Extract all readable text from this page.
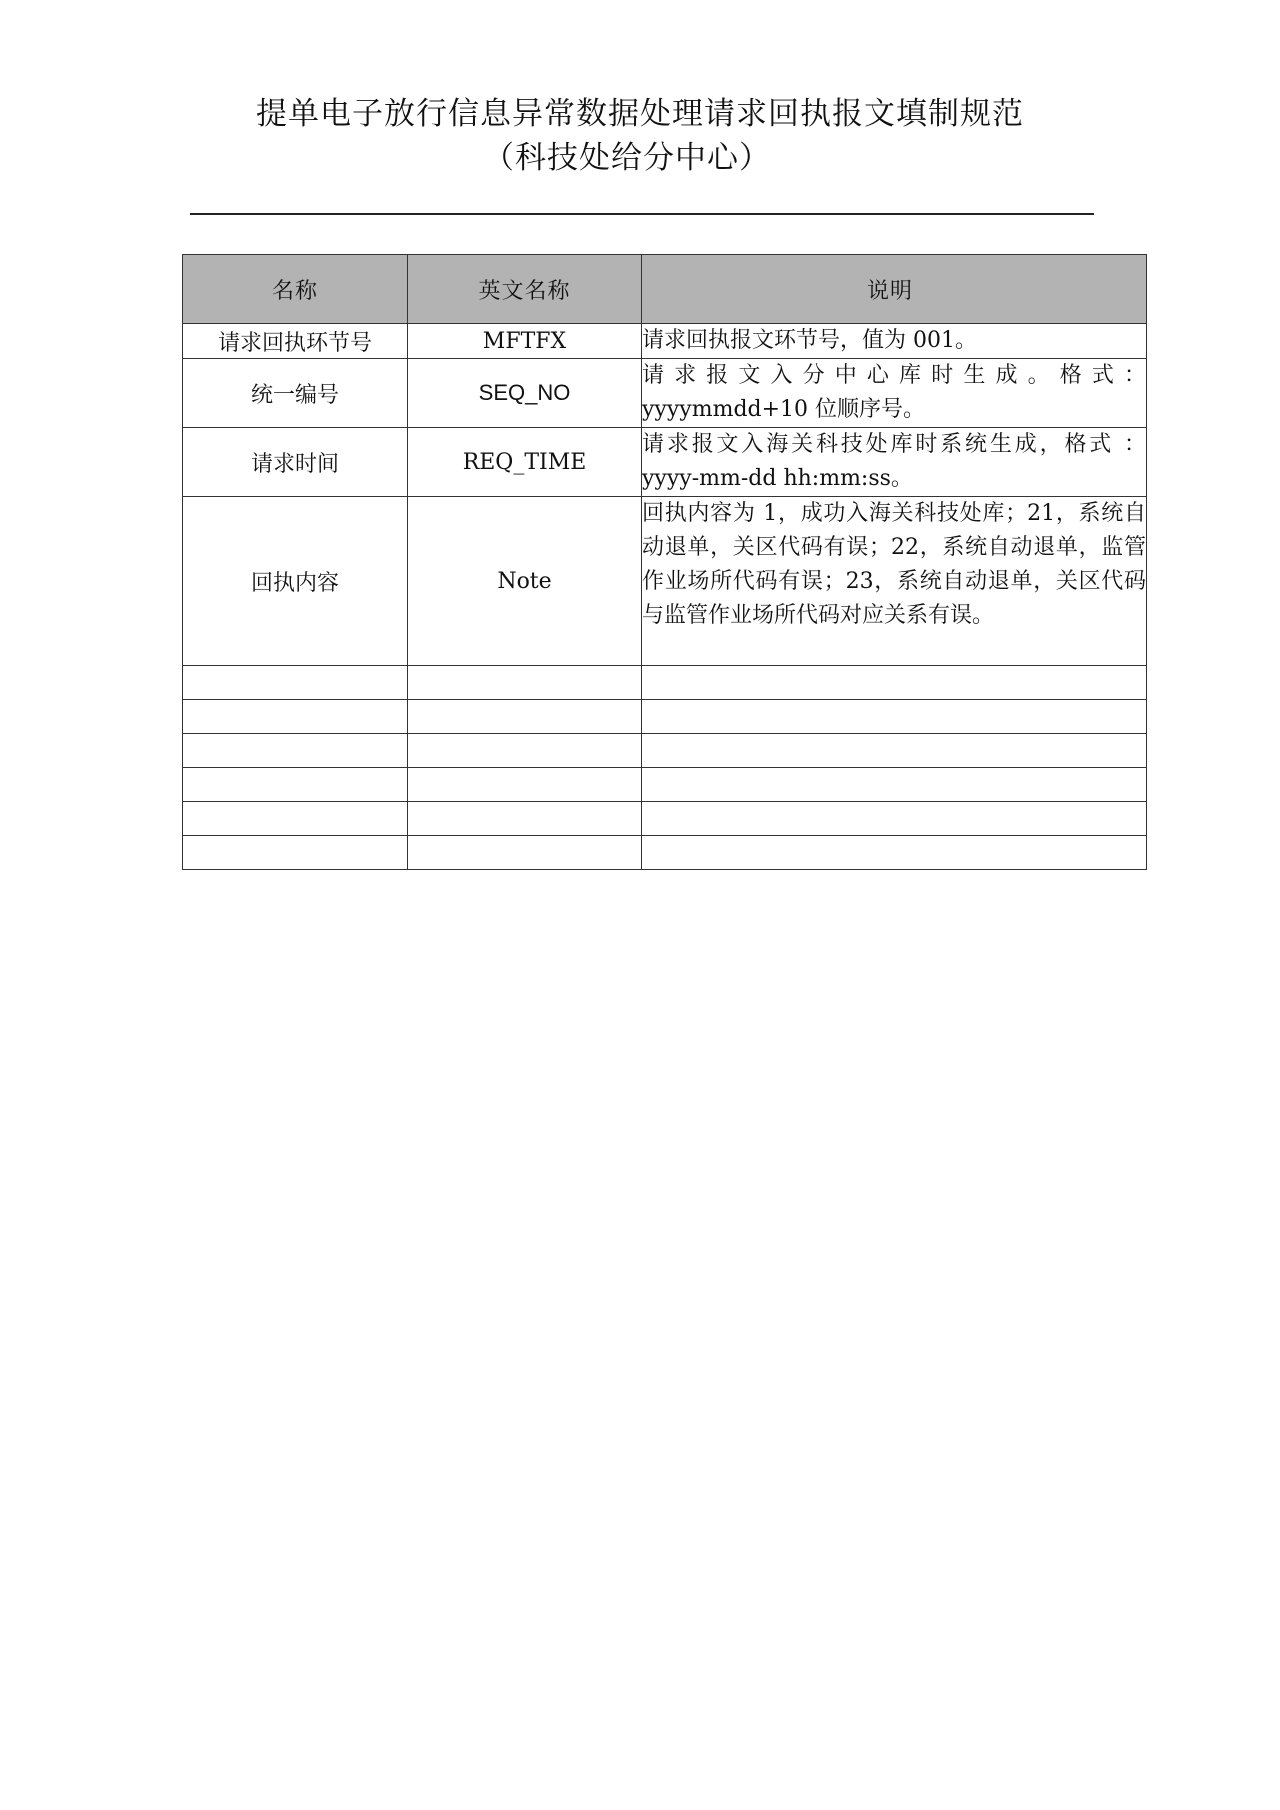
提单电子放行信息异常数据处理请求回执报文填制规范
（科技处给分中心）
名称	英文名称	说明
请求回执环节号	MFTFX	请求回执报文环节号，值为 001。
统一编号	SEQ_NO	请 求 报 文 入 分 中 心 库 时 生 成 。 格 式 ： yyyymmdd+10 位顺序号。
请求时间	REQ_TIME	请求报文入海关科技处库时系统生成，格式 ：yyyy-mm-dd hh:mm:ss。
回执内容	Note	回执内容为 1，成功入海关科技处库；21，系统自动退单，关区代码有误；22，系统自动退单，监管作业场所代码有误；23，系统自动退单，关区代码与监管作业场所代码对应关系有误。
